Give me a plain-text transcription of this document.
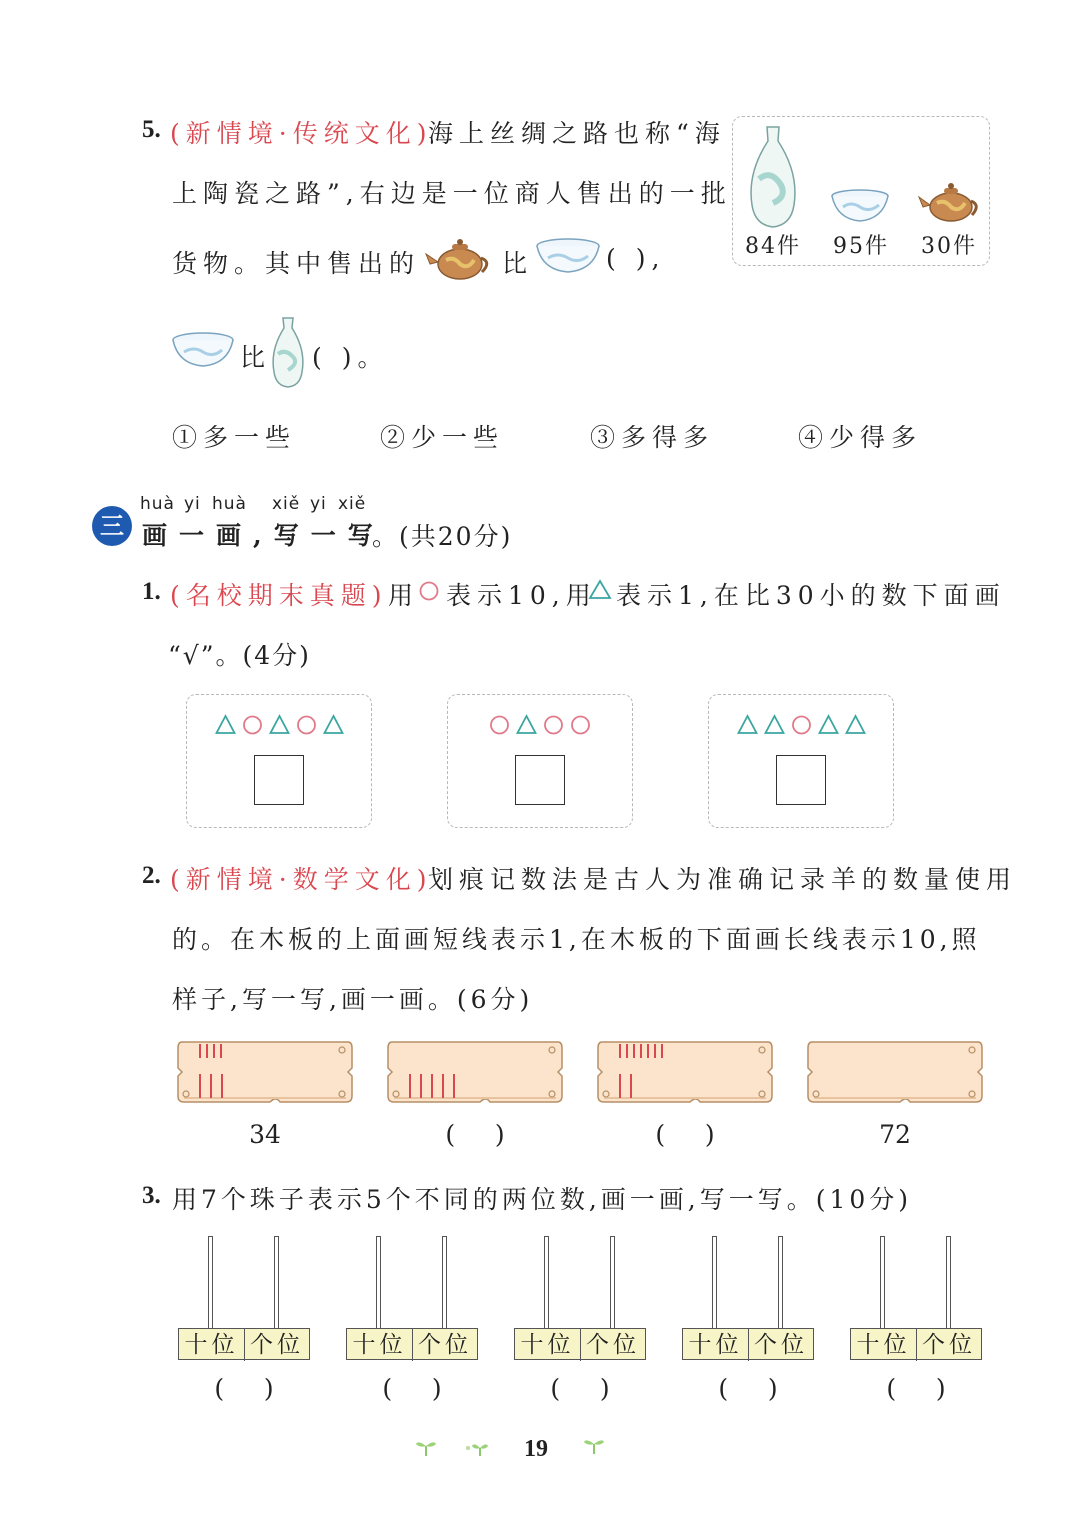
5. (新情境·传统文化)
海上丝绸之路也称“海
上陶瓷之路”,右边是一位商人售出的一批
货物。其中售出的	比	( ),
比 ( )。
84件 95件 30件
①多一些	②少一些	③多得多	④少得多
三
huà yi huà xiě yi xiě
画一画,写一写
。(共20分)
1. (名校期末真题) 用 表示10,用 表示1,在比30小的数下面画
“√”。(4分)
2. (新情境·数学文化)
划痕记数法是古人为准确记录羊的数量使用
的。在木板的上面画短线表示1,在木板的下面画长线表示10,照
样子,写一写,画一画。(6分)
34	(     )	(     )	72
3. 用7个珠子表示5个不同的两位数,画一画,写一写。(10分)
十位 个位
(     )
十位 个位
(     )
十位 个位
(     )
十位 个位
(     )
十位 个位
(     )
19
